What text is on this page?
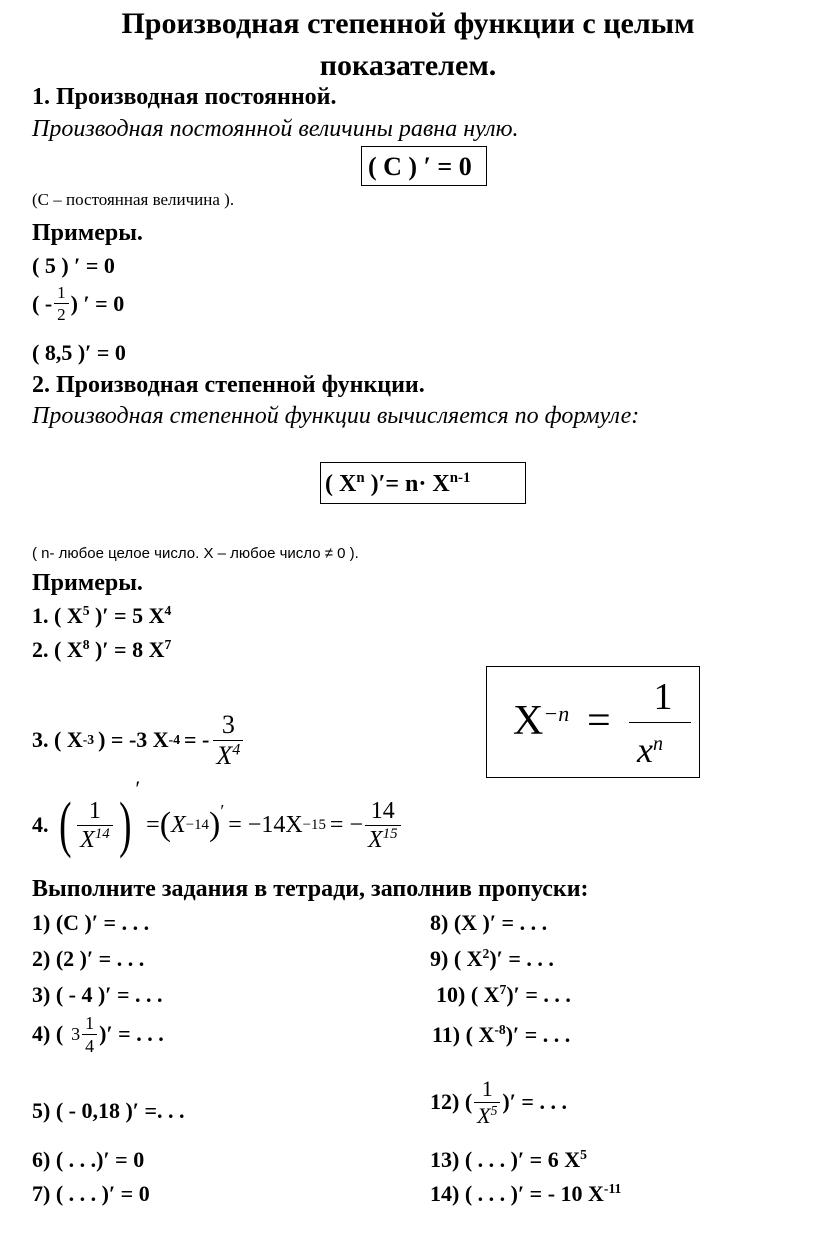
Производная степенной функции с целым
показателем.
1. Производная постоянной.
Производная постоянной величины равна нулю.
( С ) ′ = 0
(С – постоянная величина ).
Примеры.
( 5 ) ′ = 0
( - $\frac{1}{2}$ ) ′ = 0
( 8,5 )′ = 0
2. Производная степенной функции.
Производная степенной функции вычисляется по формуле:
( $X^n$ )′= $n\cdot X^{n-1}$
( n- любое целое число. X – любое число ≠ 0 ).
Примеры.
1. ( $X^5$ )′ = 5 $X^4$
2. ( $X^8$ )′ = 8 $X^7$
3. ( X -3 ) = -3 X -4 = - $\frac{3}{X^4}$	$X^{-n}$ =
1
$x^n$
4. ( $\frac{1}{X^{14}}$ )
′
= ( X −14 ) ′
= −14X −15 = − $\frac{14}{X^{15}}$
Выполните задания в тетради, заполнив пропуски:
1) (С )′ = . . .
2) (2 )′ = . . .
3) ( - 4 )′ = . . .
4) ( $3 \frac{1}{4}$ )′ = . . .
5) ( - 0,18 )′ =. . .
6) ( . . .)′ = 0
7) ( . . . )′ = 0
8) (X )′ = . . .
9) ( $X^2)'$ = . . .
10) ( $X^7)'$ = . . .
11) ( $X^{-8})'$ = . . .
12) ( $\frac{1}{X^5}$ )′ = . . .
13) ( . . . )′ = 6 $X^5$
14) ( . . . )′ = - 10 $X^{-11}$
